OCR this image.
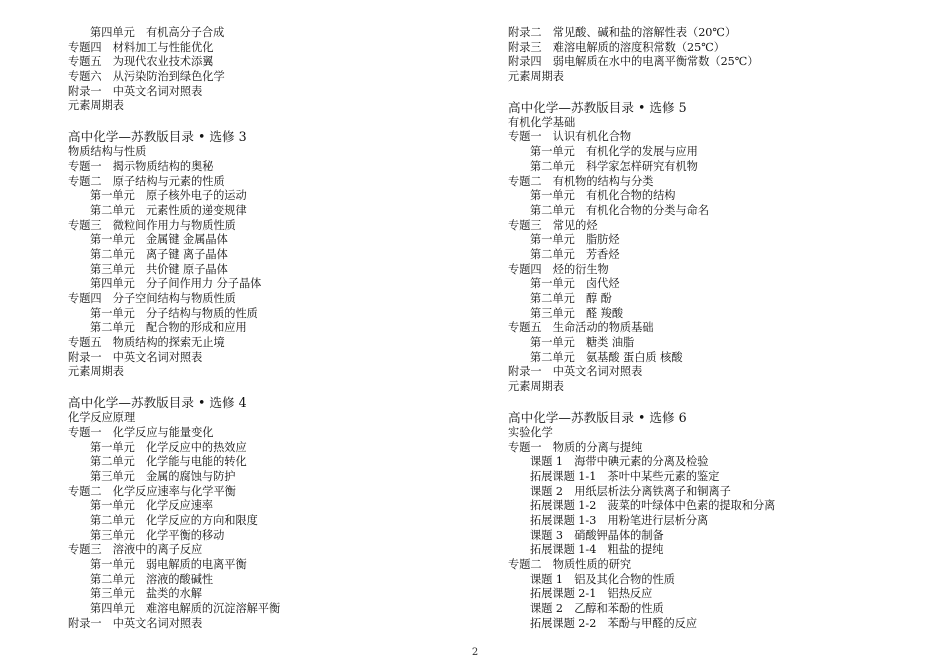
第四单元　有机高分子合成
专题四　材料加工与性能优化
专题五　为现代农业技术添翼
专题六　从污染防治到绿色化学
附录一　中英文名词对照表
元素周期表
高中化学—苏教版目录 • 选修 3
物质结构与性质
专题一　揭示物质结构的奥秘
专题二　原子结构与元素的性质
第一单元　原子核外电子的运动
第二单元　元素性质的递变规律
专题三　微粒间作用力与物质性质
第一单元　金属键 金属晶体
第二单元　离子键 离子晶体
第三单元　共价键 原子晶体
第四单元　分子间作用力 分子晶体
专题四　分子空间结构与物质性质
第一单元　分子结构与物质的性质
第二单元　配合物的形成和应用
专题五　物质结构的探索无止境
附录一　中英文名词对照表
元素周期表
高中化学—苏教版目录 • 选修 4
化学反应原理
专题一　化学反应与能量变化
第一单元　化学反应中的热效应
第二单元　化学能与电能的转化
第三单元　金属的腐蚀与防护
专题二　化学反应速率与化学平衡
第一单元　化学反应速率
第二单元　化学反应的方向和限度
第三单元　化学平衡的移动
专题三　溶液中的离子反应
第一单元　弱电解质的电离平衡
第二单元　溶液的酸碱性
第三单元　盐类的水解
第四单元　难溶电解质的沉淀溶解平衡
附录一　中英文名词对照表
附录二　常见酸、碱和盐的溶解性表（20℃）
附录三　难溶电解质的溶度积常数（25℃）
附录四　弱电解质在水中的电离平衡常数（25℃）
元素周期表
高中化学—苏教版目录 • 选修 5
有机化学基础
专题一　认识有机化合物
第一单元　有机化学的发展与应用
第二单元　科学家怎样研究有机物
专题二　有机物的结构与分类
第一单元　有机化合物的结构
第二单元　有机化合物的分类与命名
专题三　常见的烃
第一单元　脂肪烃
第二单元　芳香烃
专题四　烃的衍生物
第一单元　卤代烃
第二单元　醇 酚
第三单元　醛 羧酸
专题五　生命活动的物质基础
第一单元　糖类 油脂
第二单元　氨基酸 蛋白质 核酸
附录一　中英文名词对照表
元素周期表
高中化学—苏教版目录 • 选修 6
实验化学
专题一　物质的分离与提纯
课题 1　海带中碘元素的分离及检验
拓展课题 1-1　茶叶中某些元素的鉴定
课题 2　用纸层析法分离铁离子和铜离子
拓展课题 1-2　菠菜的叶绿体中色素的提取和分离
拓展课题 1-3　用粉笔进行层析分离
课题 3　硝酸钾晶体的制备
拓展课题 1-4　粗盐的提纯
专题二　物质性质的研究
课题 1　铝及其化合物的性质
拓展课题 2-1　铝热反应
课题 2　乙醇和苯酚的性质
拓展课题 2-2　苯酚与甲醛的反应
2
